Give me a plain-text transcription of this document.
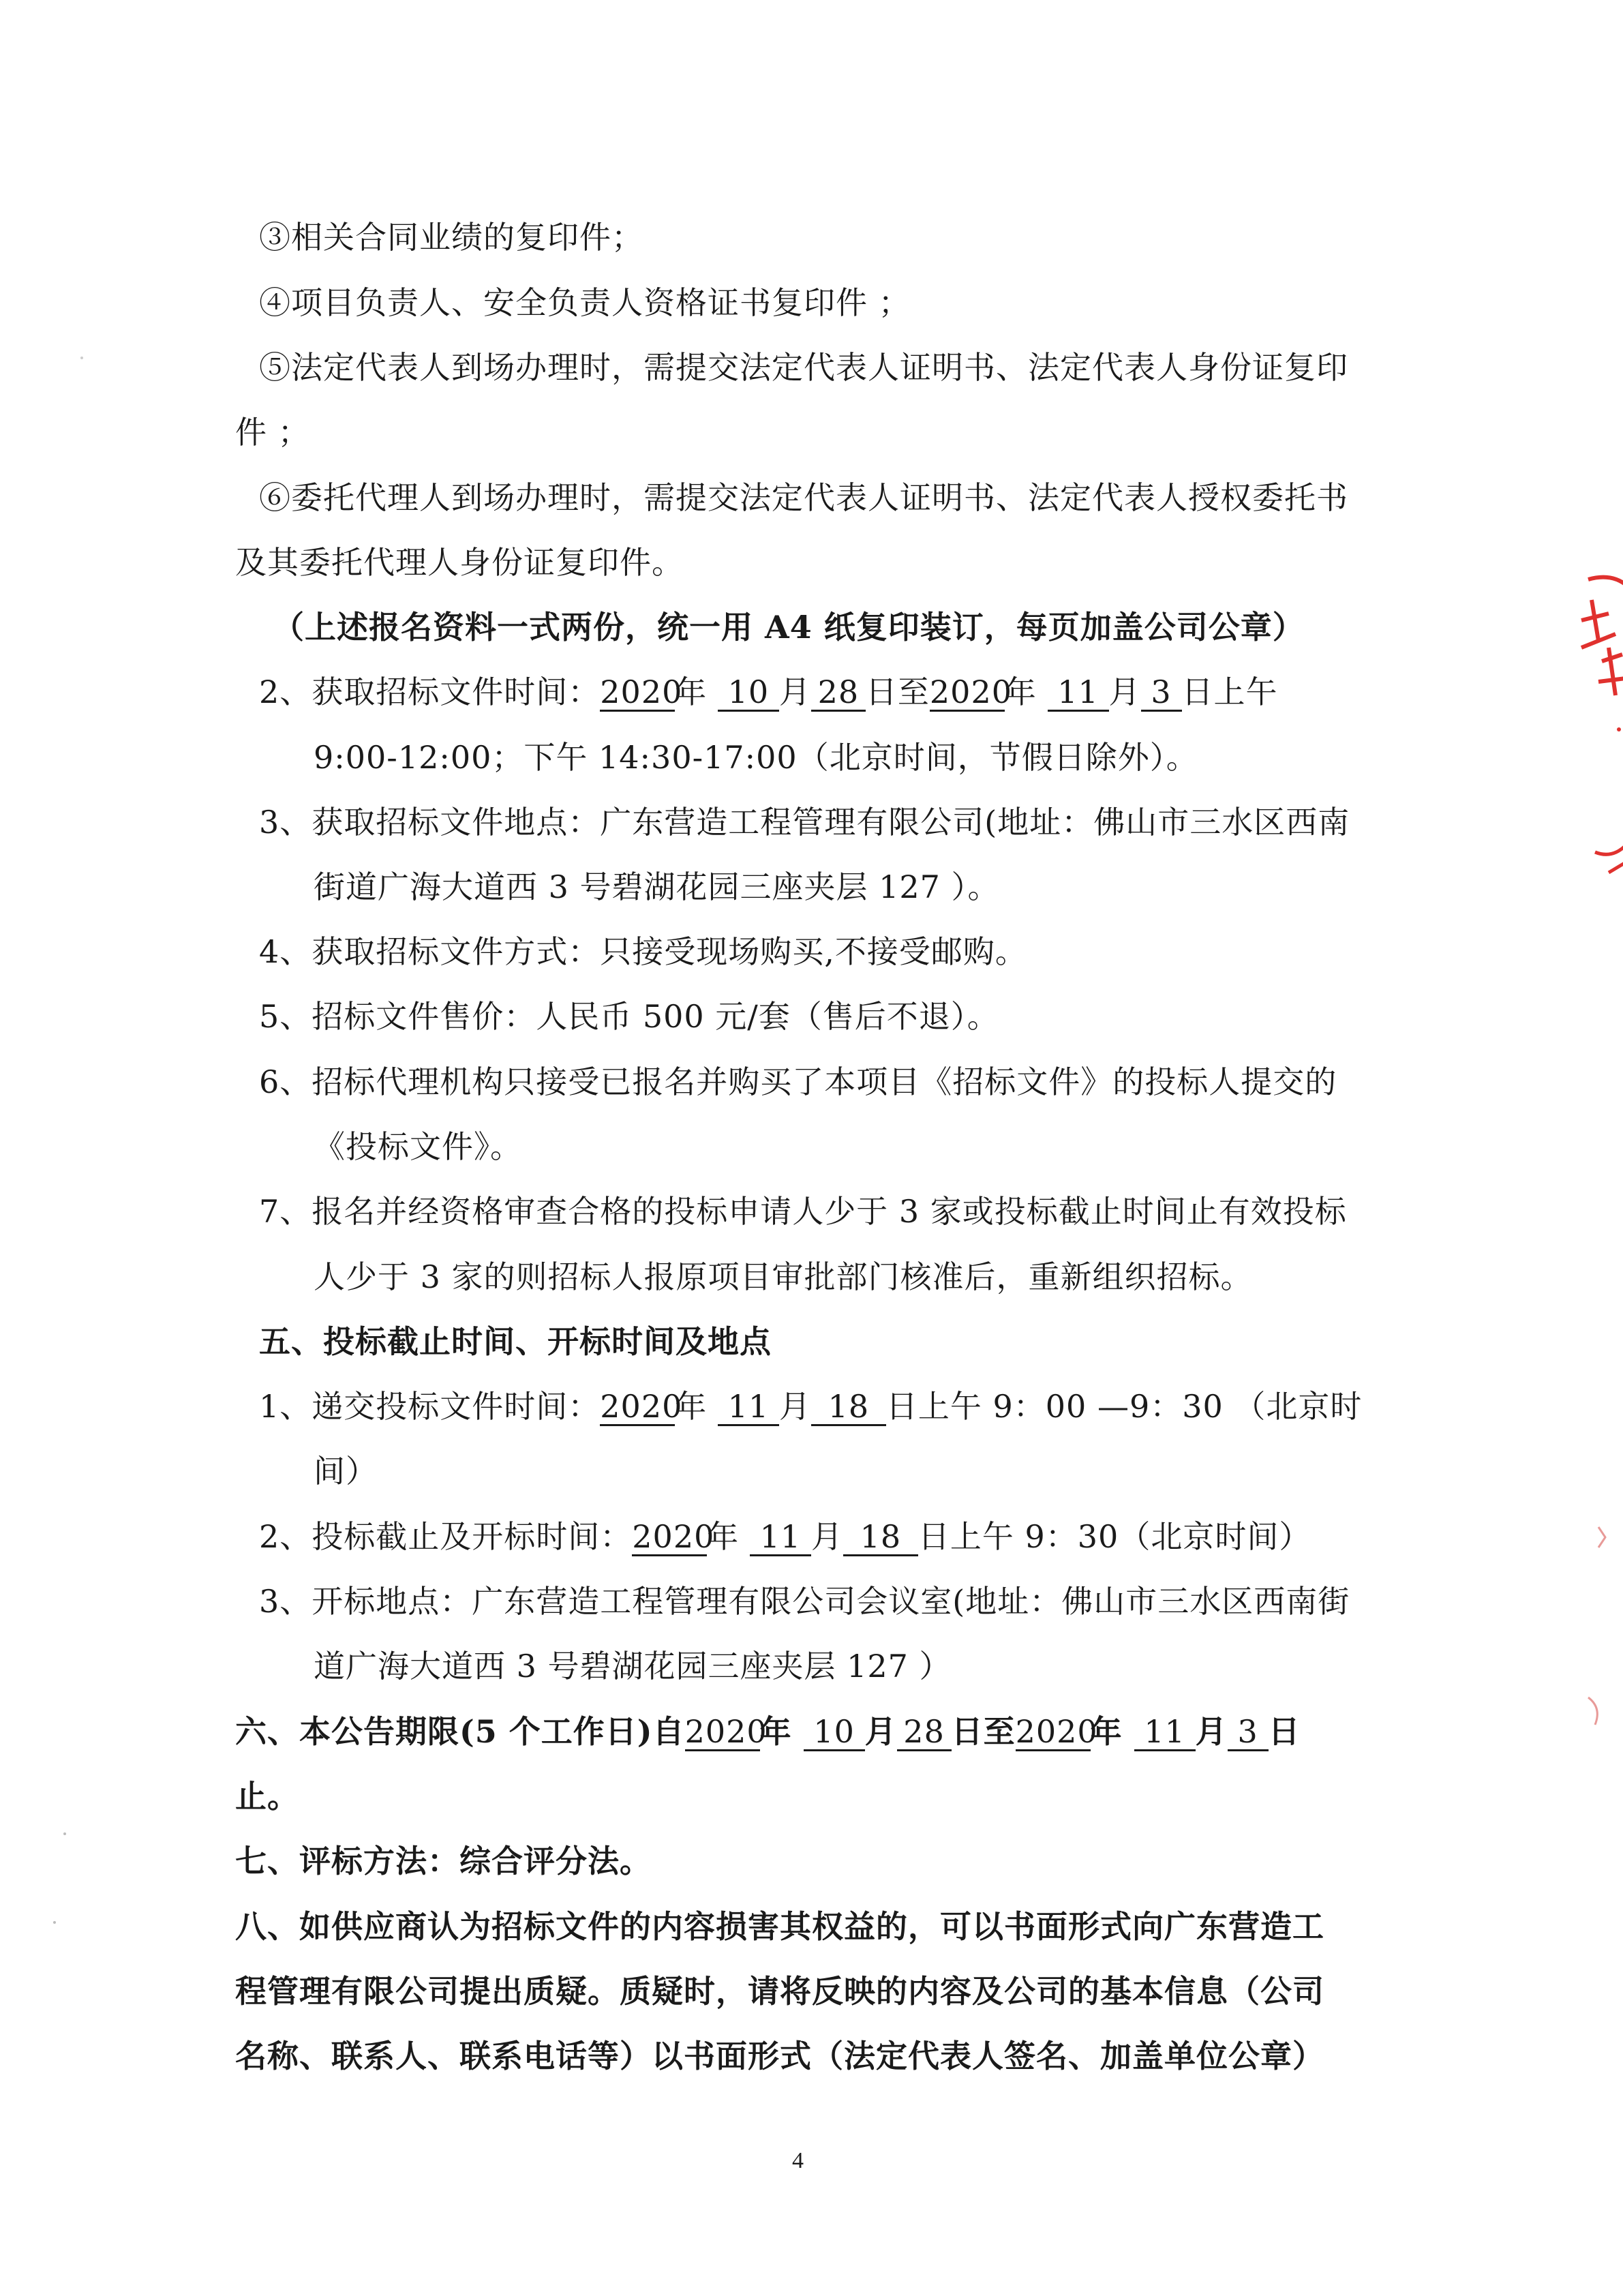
③相关合同业绩的复印件；
④项目负责人、安全负责人资格证书复印件 ；
⑤法定代表人到场办理时，需提交法定代表人证明书、法定代表人身份证复印
件 ；
⑥委托代理人到场办理时，需提交法定代表人证明书、法定代表人授权委托书
及其委托代理人身份证复印件。
（上述报名资料一式两份，统一用 A4 纸复印装订，每页加盖公司公章）
2、获取招标文件时间：2020年 10 月 28 日至2020年 11 月 3 日上午
9:00-12:00；下午 14:30-17:00（北京时间，节假日除外）。
3、获取招标文件地点：广东营造工程管理有限公司(地址：佛山市三水区西南
街道广海大道西 3 号碧湖花园三座夹层 127 ）。
4、获取招标文件方式：只接受现场购买,不接受邮购。
5、招标文件售价：人民币 500 元/套（售后不退）。
6、招标代理机构只接受已报名并购买了本项目《招标文件》的投标人提交的
《投标文件》。
7、报名并经资格审查合格的投标申请人少于 3 家或投标截止时间止有效投标
人少于 3 家的则招标人报原项目审批部门核准后，重新组织招标。
五、投标截止时间、开标时间及地点
1、递交投标文件时间：2020年 11 月 18 日上午 9：00 —9：30 （北京时
间）
2、投标截止及开标时间：2020年 11 月 18 日上午 9：30（北京时间）
3、开标地点：广东营造工程管理有限公司会议室(地址：佛山市三水区西南街
道广海大道西 3 号碧湖花园三座夹层 127 ）
六、本公告期限(5 个工作日)自2020年 10 月 28 日至2020年 11 月 3 日
止。
七、评标方法：综合评分法。
八、如供应商认为招标文件的内容损害其权益的，可以书面形式向广东营造工
程管理有限公司提出质疑。质疑时，请将反映的内容及公司的基本信息（公司
名称、联系人、联系电话等）以书面形式（法定代表人签名、加盖单位公章）
4
